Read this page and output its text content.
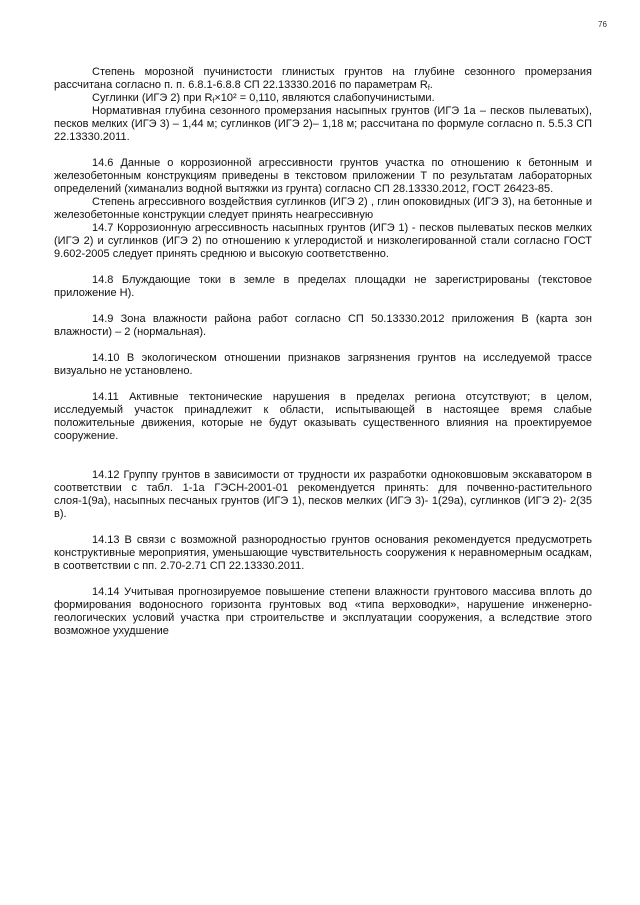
76

Степень морозной пучинистости глинистых грунтов на глубине сезонного промерзания рассчитана согласно п. п. 6.8.1-6.8.8 СП 22.13330.2016 по параметрам $R_f$.

Суглинки (ИГЭ 2) при $R_f\times 10^2 = 0,110$, являются слабопучинистыми.

Нормативная глубина сезонного промерзания насыпных грунтов (ИГЭ 1а – песков пылеватых), песков мелких (ИГЭ 3) – 1,44 м; суглинков (ИГЭ 2)– 1,18 м; рассчитана по формуле согласно п. 5.5.3 СП 22.13330.2011.

14.6 Данные о коррозионной агрессивности грунтов участка по отношению к бетонным и железобетонным конструкциям приведены в текстовом приложении Т по результатам лабораторных определений (химанализ водной вытяжки из грунта) согласно СП 28.13330.2012, ГОСТ 26423-85.

Степень агрессивного воздействия суглинков (ИГЭ 2) , глин опоковидных (ИГЭ 3), на бетонные и железобетонные конструкции следует принять неагрессивную

14.7 Коррозионную агрессивность насыпных грунтов (ИГЭ 1) - песков пылеватых песков мелких (ИГЭ 2) и суглинков (ИГЭ 2) по отношению к углеродистой и низколегированной стали согласно ГОСТ 9.602-2005 следует принять среднюю и высокую соответственно.

14.8 Блуждающие токи в земле в пределах площадки не зарегистрированы (текстовое приложение Н).

14.9 Зона влажности района работ согласно СП 50.13330.2012 приложения В (карта зон влажности) – 2 (нормальная).

14.10 В экологическом отношении признаков загрязнения грунтов на исследуемой трассе визуально не установлено.

14.11 Активные тектонические нарушения в пределах региона отсутствуют; в целом, исследуемый участок принадлежит к области, испытывающей в настоящее время слабые положительные движения, которые не будут оказывать существенного влияния на проектируемое сооружение.

14.12 Группу грунтов в зависимости от трудности их разработки одноковшовым экскаватором в соответствии с табл. 1-1а ГЭСН-2001-01 рекомендуется принять: для почвенно-растительного слоя-1(9а), насыпных песчаных грунтов (ИГЭ 1), песков мелких (ИГЭ 3)- 1(29а), суглинков (ИГЭ 2)- 2(35 в).

14.13 В связи с возможной разнородностью грунтов основания рекомендуется предусмотреть конструктивные мероприятия, уменьшающие чувствительность сооружения к неравномерным осадкам, в соответствии с пп. 2.70-2.71 СП 22.13330.2011.

14.14 Учитывая прогнозируемое повышение степени влажности грунтового массива вплоть до формирования водоносного горизонта грунтовых вод «типа верховодки», нарушение инженерно-геологических условий участка при строительстве и эксплуатации сооружения, а вследствие этого возможное ухудшение
